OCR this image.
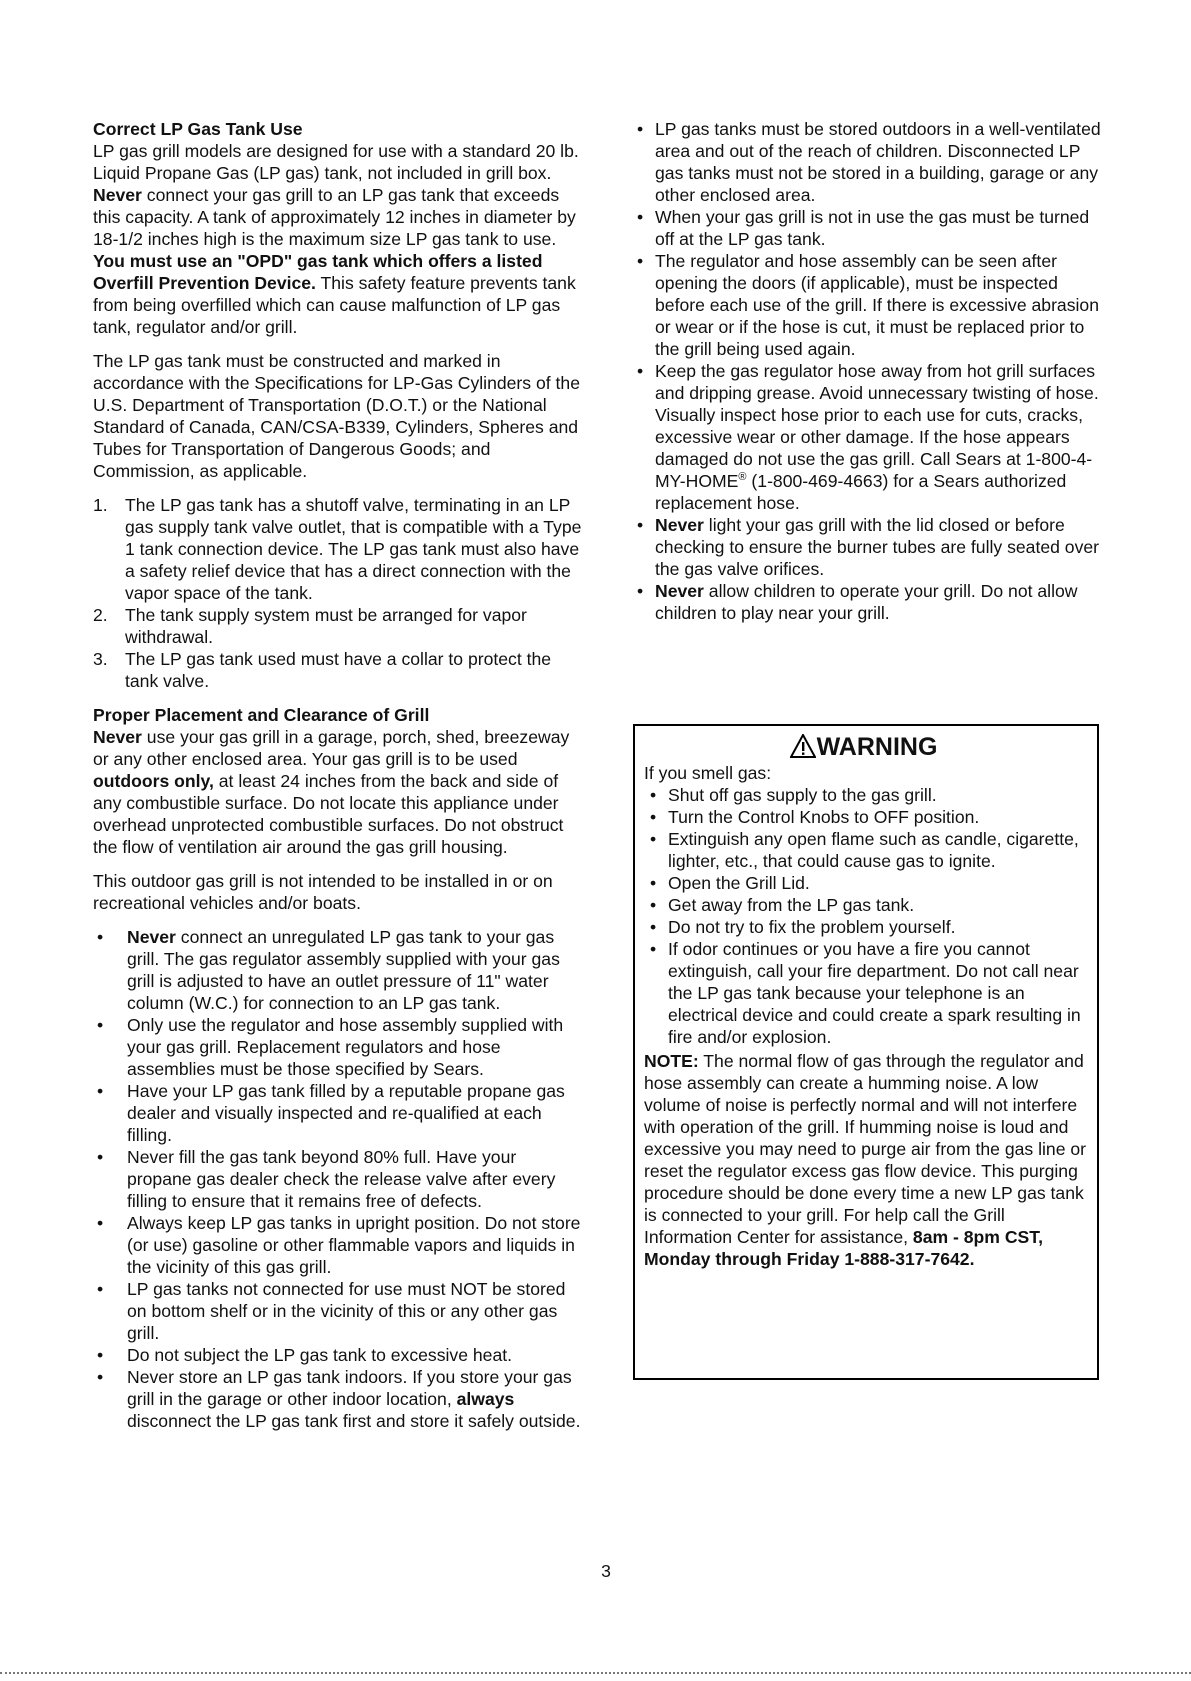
Correct LP Gas Tank Use

LP gas grill models are designed for use with a standard 20 lb. Liquid Propane Gas (LP gas) tank, not included in grill box. Never connect your gas grill to an LP gas tank that exceeds this capacity. A tank of approximately 12 inches in diameter by 18-1/2 inches high is the maximum size LP gas tank to use. You must use an "OPD" gas tank which offers a listed Overfill Prevention Device. This safety feature prevents tank from being overfilled which can cause malfunction of LP gas tank, regulator and/or grill.

The LP gas tank must be constructed and marked in accordance with the Specifications for LP-Gas Cylinders of the U.S. Department of Transportation (D.O.T.) or the National Standard of Canada, CAN/CSA-B339, Cylinders, Spheres and Tubes for Transportation of Dangerous Goods; and Commission, as applicable.

1. The LP gas tank has a shutoff valve, terminating in an LP gas supply tank valve outlet, that is compatible with a Type 1 tank connection device. The LP gas tank must also have a safety relief device that has a direct connection with the vapor space of the tank.
2. The tank supply system must be arranged for vapor withdrawal.
3. The LP gas tank used must have a collar to protect the tank valve.

Proper Placement and Clearance of Grill

Never use your gas grill in a garage, porch, shed, breezeway or any other enclosed area. Your gas grill is to be used outdoors only, at least 24 inches from the back and side of any combustible surface. Do not locate this appliance under overhead unprotected combustible surfaces. Do not obstruct the flow of ventilation air around the gas grill housing.

This outdoor gas grill is not intended to be installed in or on recreational vehicles and/or boats.

• Never connect an unregulated LP gas tank to your gas grill. The gas regulator assembly supplied with your gas grill is adjusted to have an outlet pressure of 11" water column (W.C.) for connection to an LP gas tank.
• Only use the regulator and hose assembly supplied with your gas grill. Replacement regulators and hose assemblies must be those specified by Sears.
• Have your LP gas tank filled by a reputable propane gas dealer and visually inspected and re-qualified at each filling.
• Never fill the gas tank beyond 80% full. Have your propane gas dealer check the release valve after every filling to ensure that it remains free of defects.
• Always keep LP gas tanks in upright position. Do not store (or use) gasoline or other flammable vapors and liquids in the vicinity of this gas grill.
• LP gas tanks not connected for use must NOT be stored on bottom shelf or in the vicinity of this or any other gas grill.
• Do not subject the LP gas tank to excessive heat.
• Never store an LP gas tank indoors. If you store your gas grill in the garage or other indoor location, always disconnect the LP gas tank first and store it safely outside.
• LP gas tanks must be stored outdoors in a well-ventilated area and out of the reach of children. Disconnected LP gas tanks must not be stored in a building, garage or any other enclosed area.
• When your gas grill is not in use the gas must be turned off at the LP gas tank.
• The regulator and hose assembly can be seen after opening the doors (if applicable), must be inspected before each use of the grill. If there is excessive abrasion or wear or if the hose is cut, it must be replaced prior to the grill being used again.
• Keep the gas regulator hose away from hot grill surfaces and dripping grease. Avoid unnecessary twisting of hose. Visually inspect hose prior to each use for cuts, cracks, excessive wear or other damage. If the hose appears damaged do not use the gas grill. Call Sears at 1-800-4-MY-HOME® (1-800-469-4663) for a Sears authorized replacement hose.
• Never light your gas grill with the lid closed or before checking to ensure the burner tubes are fully seated over the gas valve orifices.
• Never allow children to operate your grill. Do not allow children to play near your grill.
WARNING

If you smell gas:

• Shut off gas supply to the gas grill.
• Turn the Control Knobs to OFF position.
• Extinguish any open flame such as candle, cigarette, lighter, etc., that could cause gas to ignite.
• Open the Grill Lid.
• Get away from the LP gas tank.
• Do not try to fix the problem yourself.
• If odor continues or you have a fire you cannot extinguish, call your fire department. Do not call near the LP gas tank because your telephone is an electrical device and could create a spark resulting in fire and/or explosion.

NOTE: The normal flow of gas through the regulator and hose assembly can create a humming noise. A low volume of noise is perfectly normal and will not interfere with operation of the grill. If humming noise is loud and excessive you may need to purge air from the gas line or reset the regulator excess gas flow device. This purging procedure should be done every time a new LP gas tank is connected to your grill. For help call the Grill Information Center for assistance, 8am - 8pm CST, Monday through Friday 1-888-317-7642.

3
